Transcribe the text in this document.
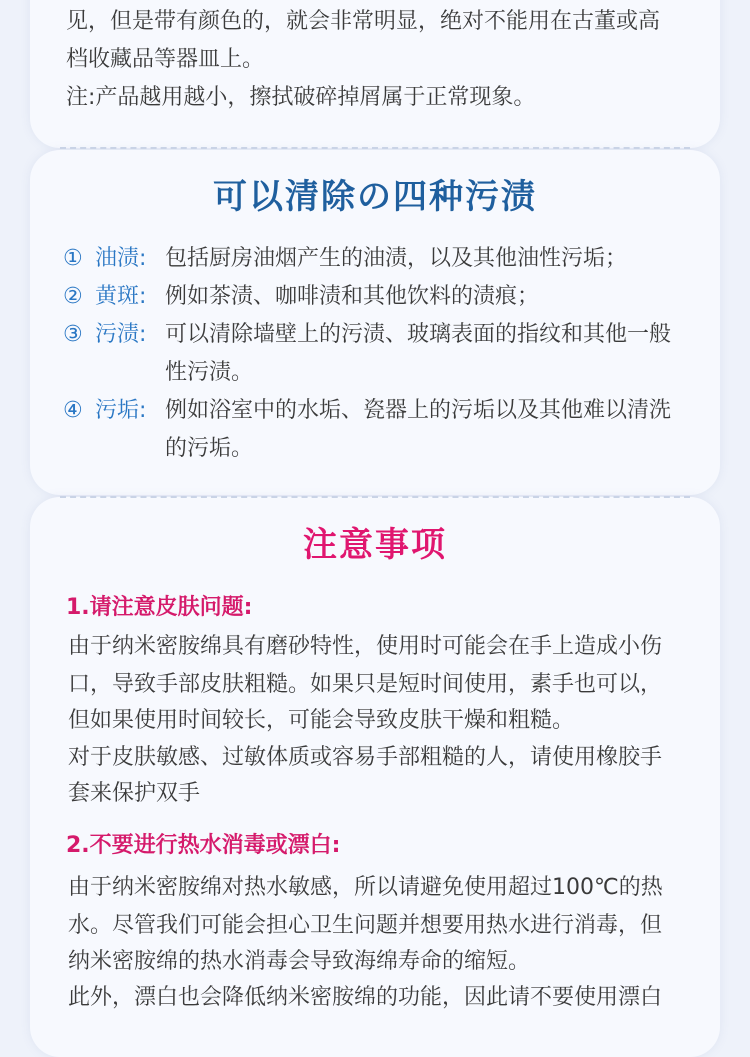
见，但是带有颜色的，就会非常明显，绝对不能用在古董或高
档收藏品等器皿上。
注:产品越用越小，擦拭破碎掉屑属于正常现象。
可以清除の四种污渍
① 油渍: 包括厨房油烟产生的油渍，以及其他油性污垢；
② 黄斑: 例如茶渍、咖啡渍和其他饮料的渍痕；
③ 污渍: 可以清除墙壁上的污渍、玻璃表面的指纹和其他一般
性污渍。
④ 污垢: 例如浴室中的水垢、瓷器上的污垢以及其他难以清洗
的污垢。
注意事项
1.请注意皮肤问题:
由于纳米密胺绵具有磨砂特性，使用时可能会在手上造成小伤
口，导致手部皮肤粗糙。如果只是短时间使用，素手也可以，
但如果使用时间较长，可能会导致皮肤干燥和粗糙。
对于皮肤敏感、过敏体质或容易手部粗糙的人，请使用橡胶手
套来保护双手
2.不要进行热水消毒或漂白:
由于纳米密胺绵对热水敏感，所以请避免使用超过100℃的热
水。尽管我们可能会担心卫生问题并想要用热水进行消毒，但
纳米密胺绵的热水消毒会导致海绵寿命的缩短。
此外，漂白也会降低纳米密胺绵的功能，因此请不要使用漂白
